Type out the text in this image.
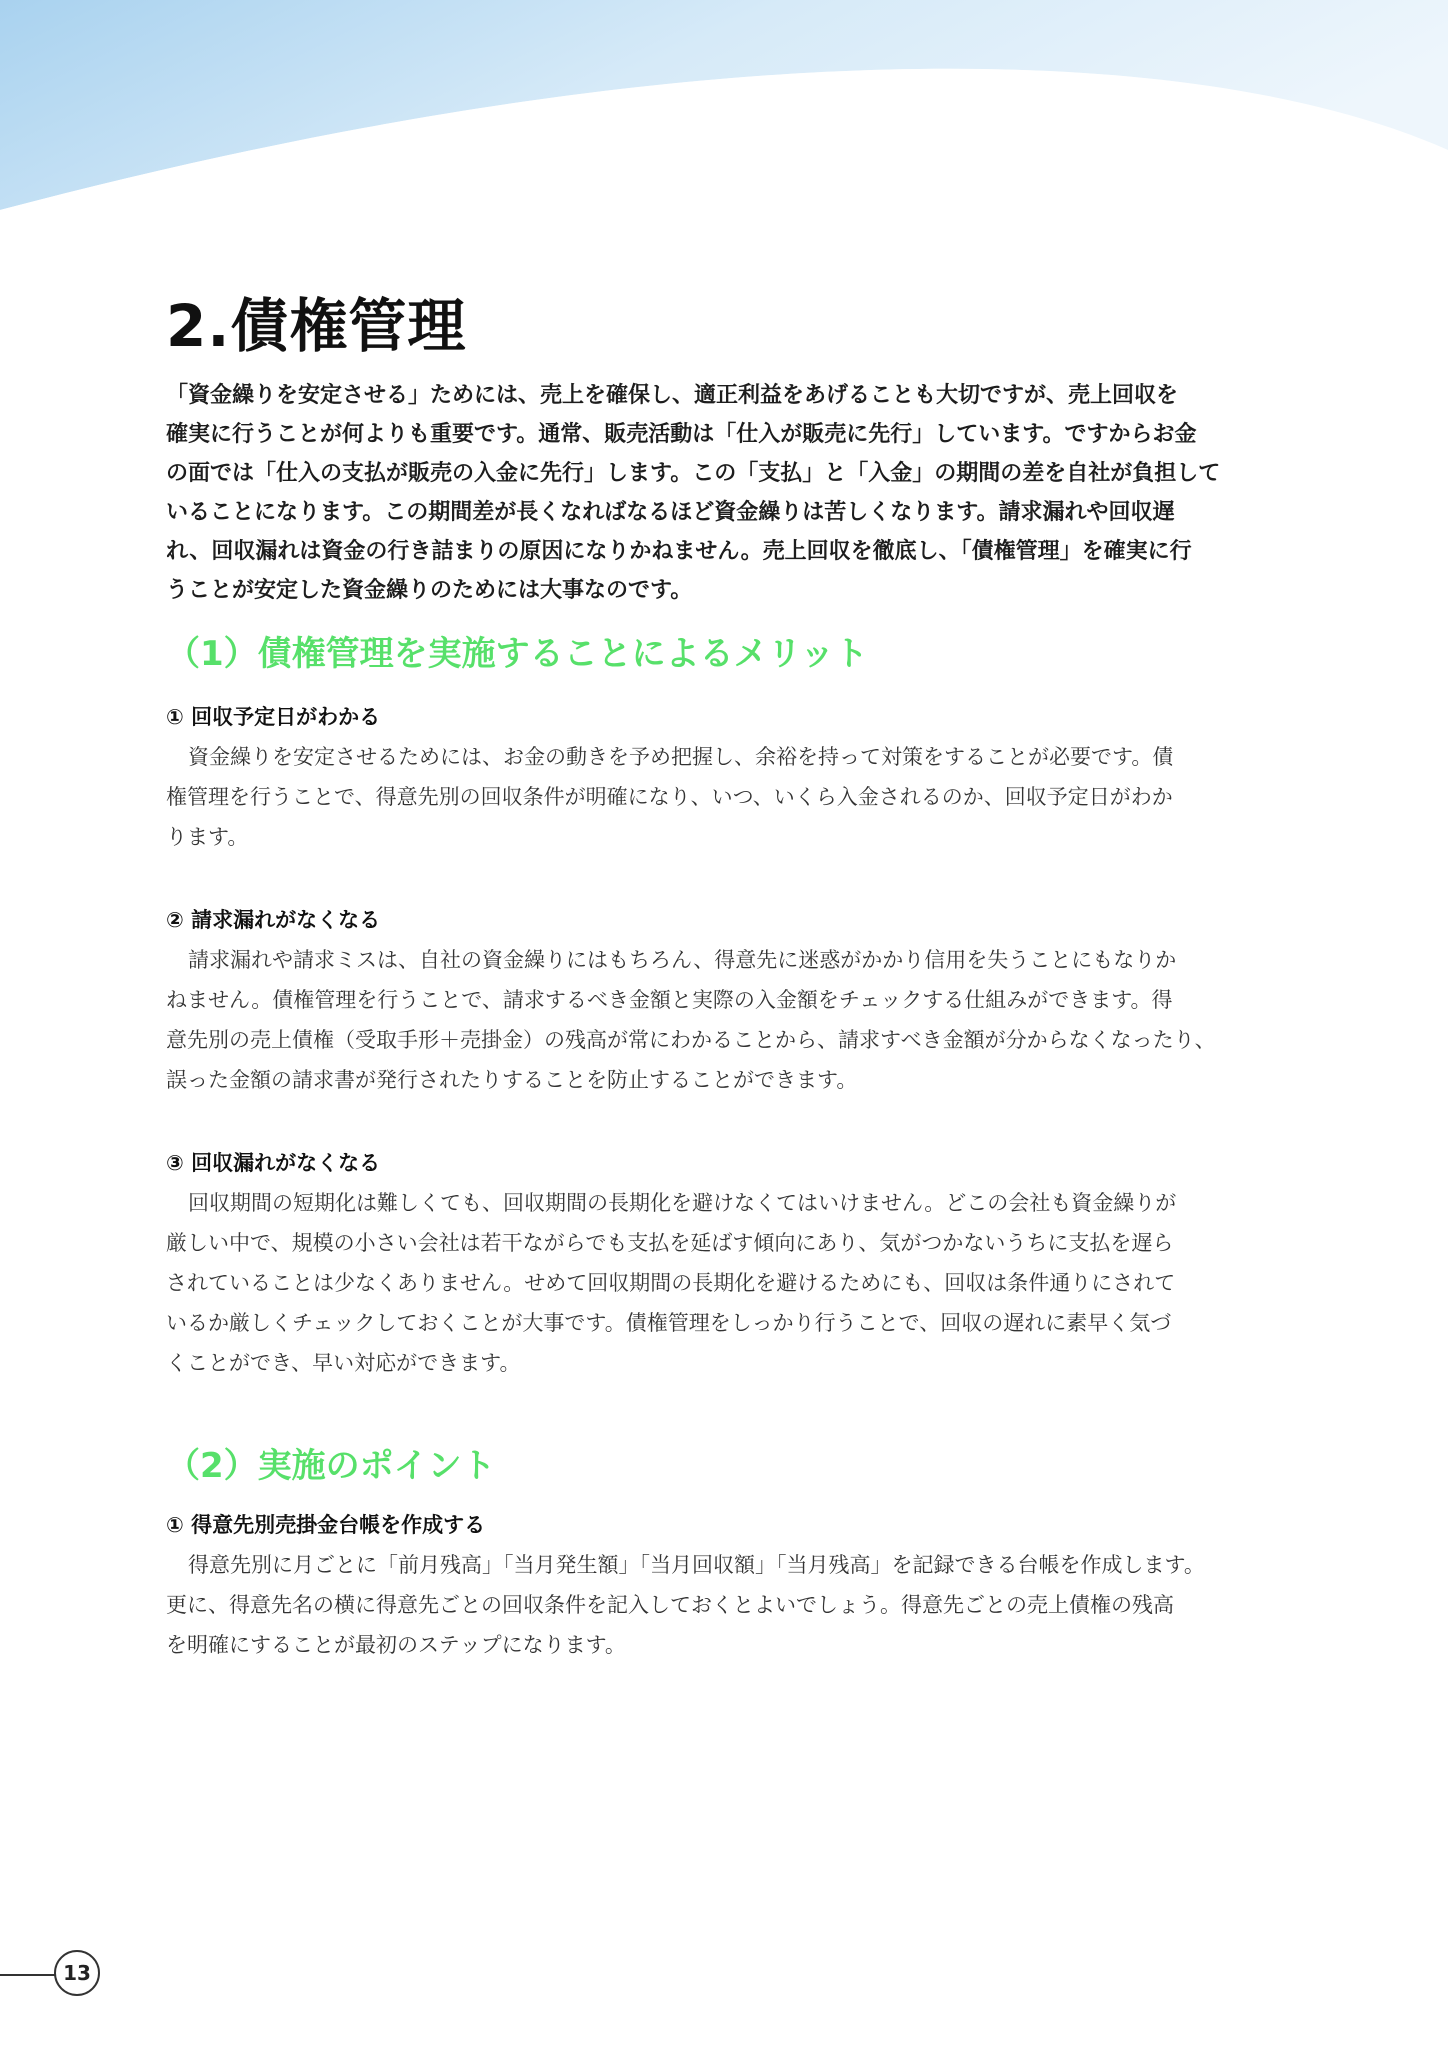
2.債権管理

「資金繰りを安定させる」ためには、売上を確保し、適正利益をあげることも大切ですが、売上回収を
確実に行うことが何よりも重要です。通常、販売活動は「仕入が販売に先行」しています。ですからお金
の面では「仕入の支払が販売の入金に先行」します。この「支払」と「入金」の期間の差を自社が負担して
いることになります。この期間差が長くなればなるほど資金繰りは苦しくなります。請求漏れや回収遅
れ、回収漏れは資金の行き詰まりの原因になりかねません。売上回収を徹底し、「債権管理」を確実に行
うことが安定した資金繰りのためには大事なのです。

（1）債権管理を実施することによるメリット
① 回収予定日がわかる

資金繰りを安定させるためには、お金の動きを予め把握し、余裕を持って対策をすることが必要です。債
権管理を行うことで、得意先別の回収条件が明確になり、いつ、いくら入金されるのか、回収予定日がわか
ります。

② 請求漏れがなくなる

請求漏れや請求ミスは、自社の資金繰りにはもちろん、得意先に迷惑がかかり信用を失うことにもなりか
ねません。債権管理を行うことで、請求するべき金額と実際の入金額をチェックする仕組みができます。得
意先別の売上債権（受取手形＋売掛金）の残高が常にわかることから、請求すべき金額が分からなくなったり、
誤った金額の請求書が発行されたりすることを防止することができます。

③ 回収漏れがなくなる

回収期間の短期化は難しくても、回収期間の長期化を避けなくてはいけません。どこの会社も資金繰りが
厳しい中で、規模の小さい会社は若干ながらでも支払を延ばす傾向にあり、気がつかないうちに支払を遅ら
されていることは少なくありません。せめて回収期間の長期化を避けるためにも、回収は条件通りにされて
いるか厳しくチェックしておくことが大事です。債権管理をしっかり行うことで、回収の遅れに素早く気づ
くことができ、早い対応ができます。

（2）実施のポイント
① 得意先別売掛金台帳を作成する

得意先別に月ごとに「前月残高」「当月発生額」「当月回収額」「当月残高」を記録できる台帳を作成します。
更に、得意先名の横に得意先ごとの回収条件を記入しておくとよいでしょう。得意先ごとの売上債権の残高
を明確にすることが最初のステップになります。

13
